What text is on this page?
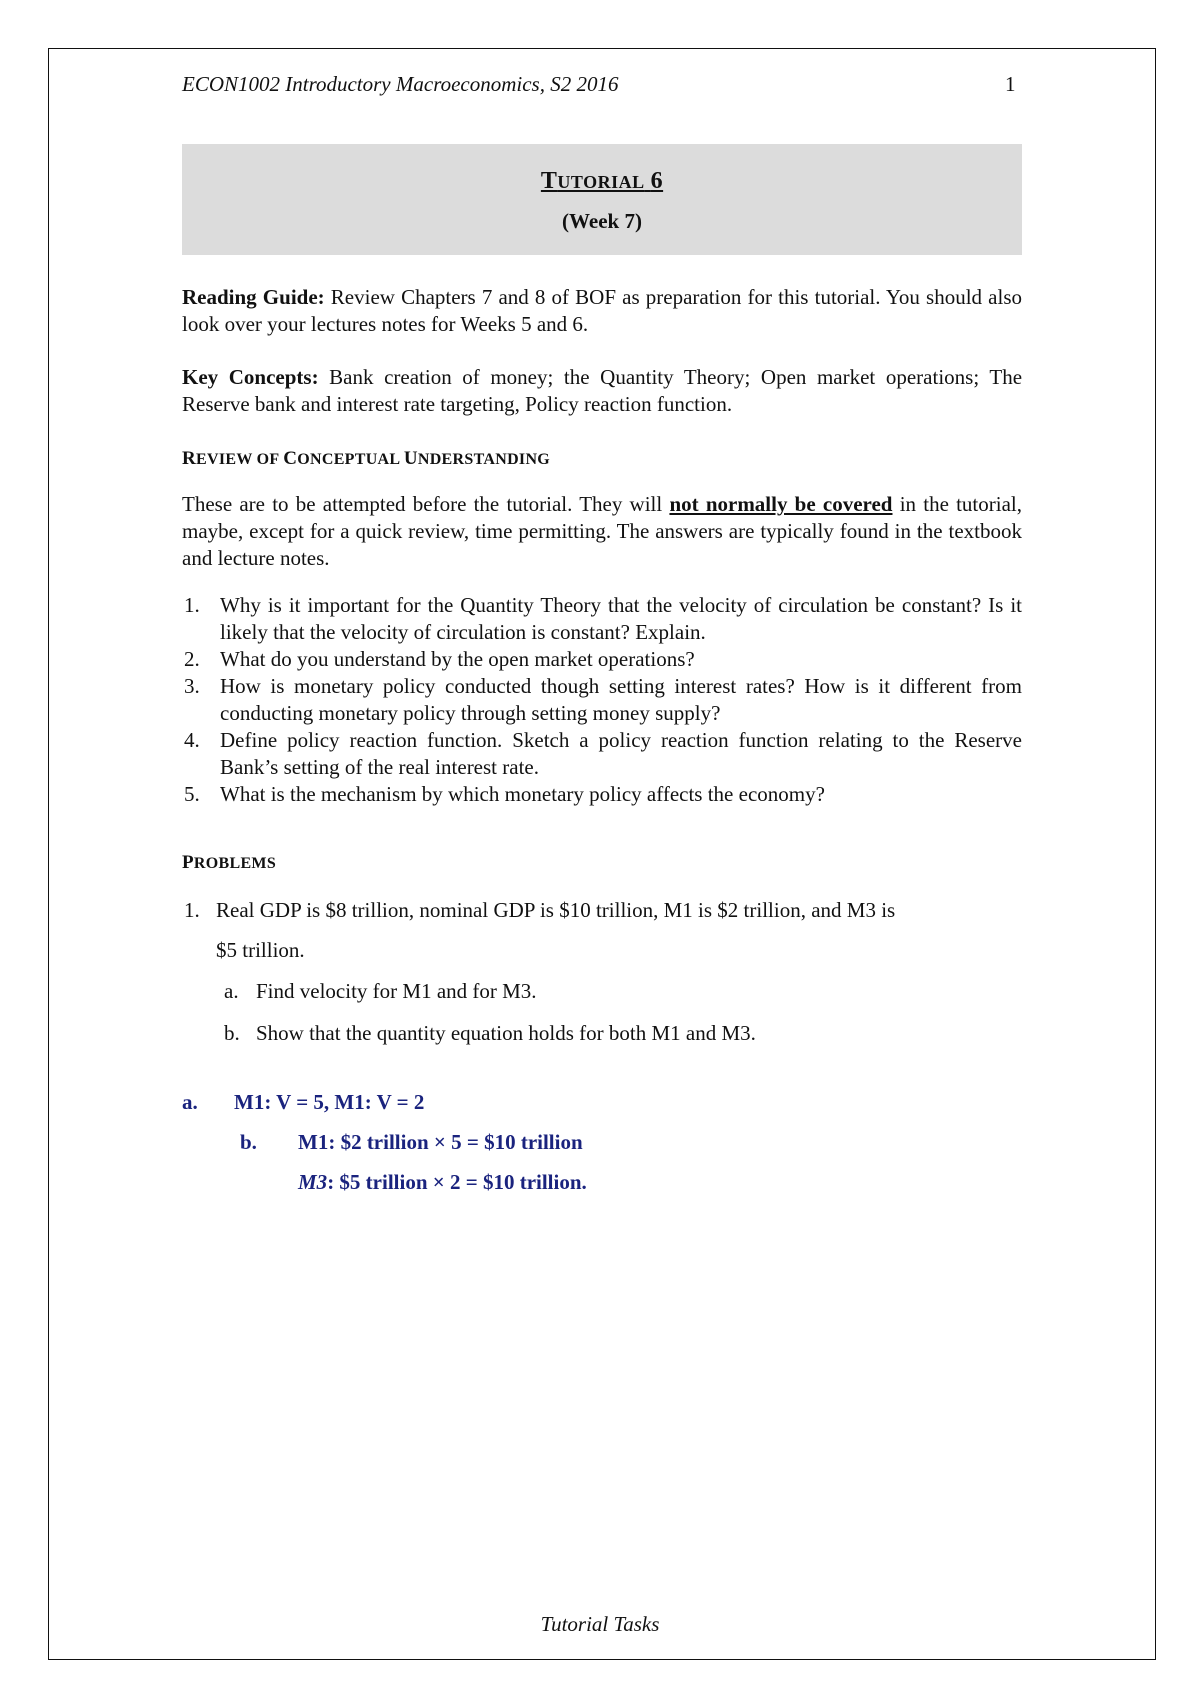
ECON1002 Introductory Macroeconomics, S2 2016	1
TUTORIAL 6
(Week 7)

Reading Guide: Review Chapters 7 and 8 of BOF as preparation for this tutorial. You should also look over your lectures notes for Weeks 5 and 6.

Key Concepts: Bank creation of money; the Quantity Theory; Open market operations; The Reserve bank and interest rate targeting, Policy reaction function.

REVIEW OF CONCEPTUAL UNDERSTANDING

These are to be attempted before the tutorial. They will not normally be covered in the tutorial, maybe, except for a quick review, time permitting. The answers are typically found in the textbook and lecture notes.

1. Why is it important for the Quantity Theory that the velocity of circulation be constant? Is it likely that the velocity of circulation is constant? Explain.
2. What do you understand by the open market operations?
3. How is monetary policy conducted though setting interest rates? How is it different from conducting monetary policy through setting money supply?
4. Define policy reaction function. Sketch a policy reaction function relating to the Reserve Bank’s setting of the real interest rate.
5. What is the mechanism by which monetary policy affects the economy?
PROBLEMS
1. Real GDP is $8 trillion, nominal GDP is $10 trillion, M1 is $2 trillion, and M3 is
$5 trillion.
a. Find velocity for M1 and for M3.
b. Show that the quantity equation holds for both M1 and M3.
a. M1: V = 5, M1: V = 2
b. M1: $2 trillion × 5 = $10 trillion
M3: $5 trillion × 2 = $10 trillion.
Tutorial Tasks
